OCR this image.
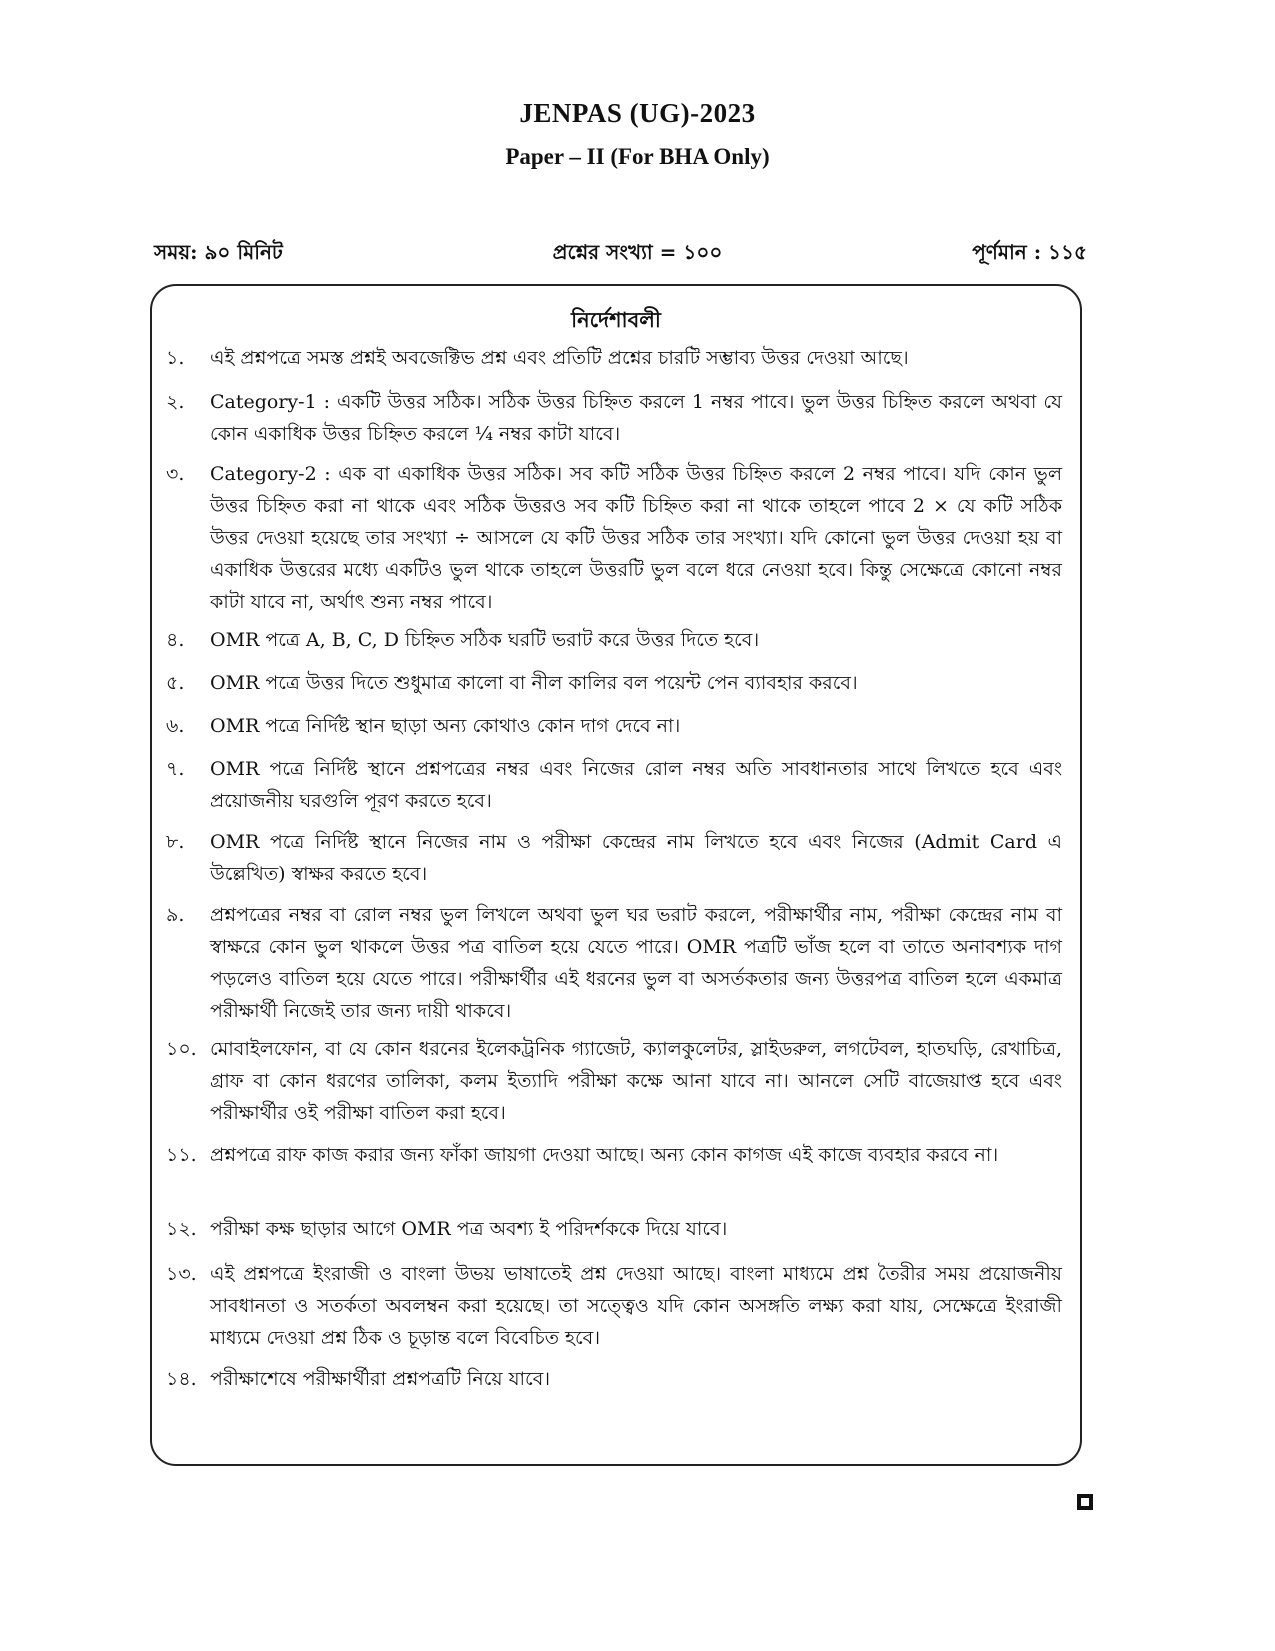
JENPAS (UG)-2023
Paper – II (For BHA Only)
সময়: ৯০ মিনিট	প্রশ্নের সংখ্যা = ১০০	পূর্ণমান : ১১৫
নির্দেশাবলী
১.	এই প্রশ্নপত্রে সমস্ত প্রশ্নই অবজেক্টিভ প্রশ্ন এবং প্রতিটি প্রশ্নের চারটি সম্ভাব্য উত্তর দেওয়া আছে।
২.	Category-1 : একটি উত্তর সঠিক। সঠিক উত্তর চিহ্নিত করলে 1 নম্বর পাবে। ভুল উত্তর চিহ্নিত করলে অথবা যে কোন একাধিক উত্তর চিহ্নিত করলে ¼ নম্বর কাটা যাবে।
৩.	Category-2 : এক বা একাধিক উত্তর সঠিক। সব কটি সঠিক উত্তর চিহ্নিত করলে 2 নম্বর পাবে। যদি কোন ভুল উত্তর চিহ্নিত করা না থাকে এবং সঠিক উত্তরও সব কটি চিহ্নিত করা না থাকে তাহলে পাবে 2 × যে কটি সঠিক উত্তর দেওয়া হয়েছে তার সংখ্যা ÷ আসলে যে কটি উত্তর সঠিক তার সংখ্যা। যদি কোনো ভুল উত্তর দেওয়া হয় বা একাধিক উত্তরের মধ্যে একটিও ভুল থাকে তাহলে উত্তরটি ভুল বলে ধরে নেওয়া হবে। কিন্তু সেক্ষেত্রে কোনো নম্বর কাটা যাবে না, অর্থাৎ শুন্য নম্বর পাবে।
৪.	OMR পত্রে A, B, C, D চিহ্নিত সঠিক ঘরটি ভরাট করে উত্তর দিতে হবে।
৫.	OMR পত্রে উত্তর দিতে শুধুমাত্র কালো বা নীল কালির বল পয়েন্ট পেন ব্যাবহার করবে।
৬.	OMR পত্রে নির্দিষ্ট স্থান ছাড়া অন্য কোথাও কোন দাগ দেবে না।
৭.	OMR পত্রে নির্দিষ্ট স্থানে প্রশ্নপত্রের নম্বর এবং নিজের রোল নম্বর অতি সাবধানতার সাথে লিখতে হবে এবং প্রয়োজনীয় ঘরগুলি পূরণ করতে হবে।
৮.	OMR পত্রে নির্দিষ্ট স্থানে নিজের নাম ও পরীক্ষা কেন্দ্রের নাম লিখতে হবে এবং নিজের (Admit Card এ উল্লেখিত) স্বাক্ষর করতে হবে।
৯.	প্রশ্নপত্রের নম্বর বা রোল নম্বর ভুল লিখলে অথবা ভুল ঘর ভরাট করলে, পরীক্ষার্থীর নাম, পরীক্ষা কেন্দ্রের নাম বা স্বাক্ষরে কোন ভুল থাকলে উত্তর পত্র বাতিল হয়ে যেতে পারে। OMR পত্রটি ভাঁজ হলে বা তাতে অনাবশ্যক দাগ পড়লেও বাতিল হয়ে যেতে পারে। পরীক্ষার্থীর এই ধরনের ভুল বা অসর্তকতার জন্য উত্তরপত্র বাতিল হলে একমাত্র পরীক্ষার্থী নিজেই তার জন্য দায়ী থাকবে।
১০. মোবাইলফোন, বা যে কোন ধরনের ইলেকট্রনিক গ্যাজেট, ক্যালকুলেটর, স্লাইডরুল, লগটেবল, হাতঘড়ি, রেখাচিত্র, গ্রাফ বা কোন ধরণের তালিকা, কলম ইত্যাদি পরীক্ষা কক্ষে আনা যাবে না। আনলে সেটি বাজেয়াপ্ত হবে এবং পরীক্ষার্থীর ওই পরীক্ষা বাতিল করা হবে।
১১. প্রশ্নপত্রে রাফ কাজ করার জন্য ফাঁকা জায়গা দেওয়া আছে। অন্য কোন কাগজ এই কাজে ব্যবহার করবে না।
১২. পরীক্ষা কক্ষ ছাড়ার আগে OMR পত্র অবশ্য ই পরিদর্শককে দিয়ে যাবে।
১৩. এই প্রশ্নপত্রে ইংরাজী ও বাংলা উভয় ভাষাতেই প্রশ্ন দেওয়া আছে। বাংলা মাধ্যমে প্রশ্ন তৈরীর সময় প্রয়োজনীয় সাবধানতা ও সতর্কতা অবলম্বন করা হয়েছে। তা সত্ত্বেও যদি কোন অসঙ্গতি লক্ষ্য করা যায়, সেক্ষেত্রে ইংরাজী মাধ্যমে দেওয়া প্রশ্ন ঠিক ও চূড়ান্ত বলে বিবেচিত হবে।
১৪. পরীক্ষাশেষে পরীক্ষার্থীরা প্রশ্নপত্রটি নিয়ে যাবে।
